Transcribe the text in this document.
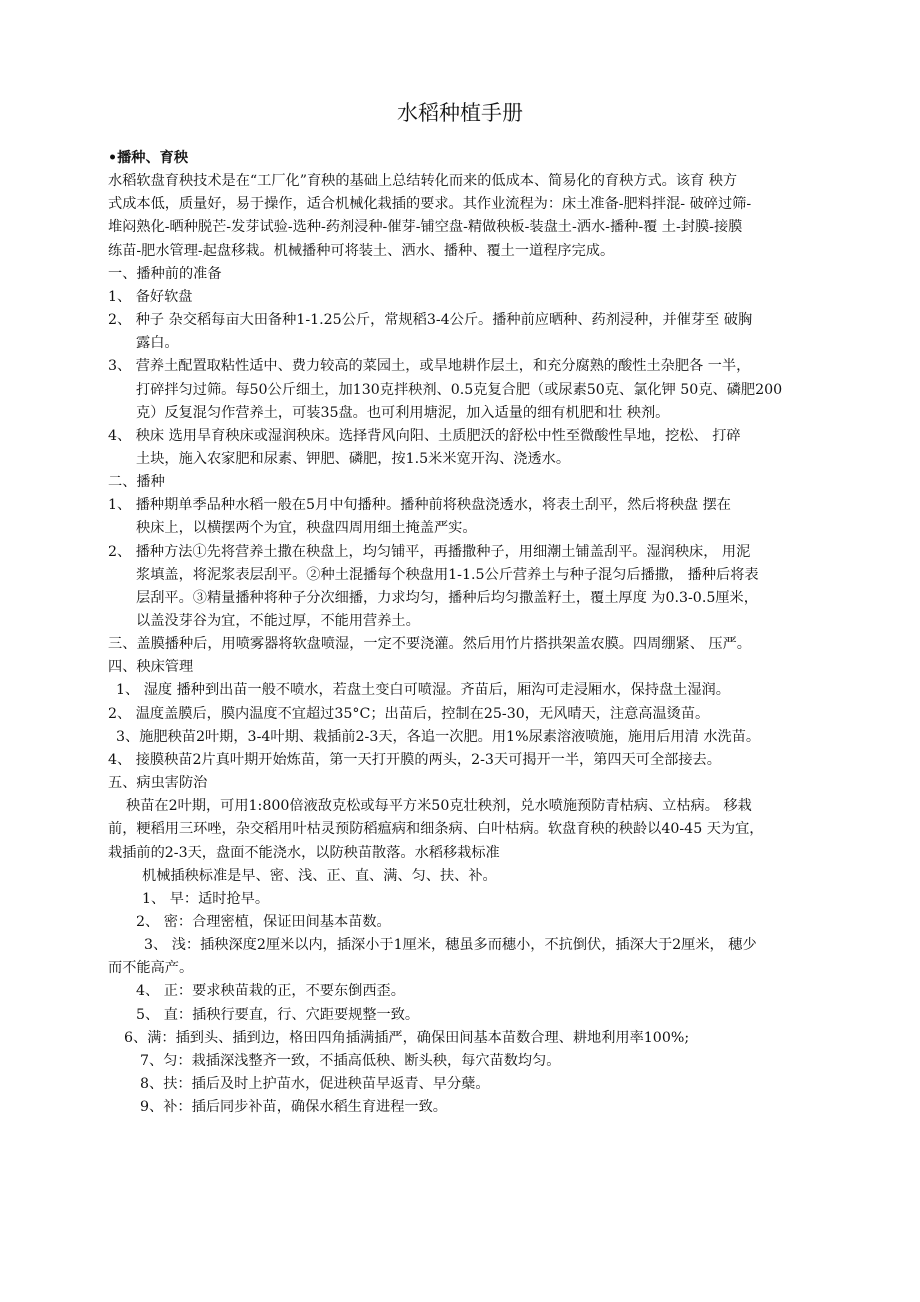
水稻种植手册
•播种、育秧
水稻软盘育秧技术是在“工厂化”育秧的基础上总结转化而来的低成本、简易化的育秧方式。该育 秧方
式成本低，质量好，易于操作，适合机械化栽插的要求。其作业流程为：床土准备-肥料拌混- 破碎过筛-
堆闷熟化-晒种脱芒-发芽试验-选种-药剂浸种-催芽-铺空盘-精做秧板-装盘土-洒水-播种-覆 土-封膜-接膜
练苗-肥水管理-起盘移栽。机械播种可将装土、洒水、播种、覆土一道程序完成。
一、播种前的准备
1、 备好软盘
2、 种子 杂交稻每亩大田备种1-1.25公斤，常规稻3-4公斤。播种前应晒种、药剂浸种，并催芽至 破胸
露白。
3、 营养土配置取粘性适中、费力较高的菜园土，或旱地耕作层土，和充分腐熟的酸性土杂肥各 一半，
打碎拌匀过筛。每50公斤细土，加130克拌秧剂、0.5克复合肥（或尿素50克、氯化钾 50克、磷肥200
克）反复混匀作营养土，可装35盘。也可利用塘泥，加入适量的细有机肥和壮 秧剂。
4、 秧床 选用旱育秧床或湿润秧床。选择背风向阳、土质肥沃的舒松中性至微酸性旱地，挖松、 打碎
土块，施入农家肥和尿素、钾肥、磷肥，按1.5米米宽开沟、浇透水。
二、播种
1、 播种期单季品种水稻一般在5月中旬播种。播种前将秧盘浇透水，将表土刮平，然后将秧盘 摆在
秧床上，以横摆两个为宜，秧盘四周用细土掩盖严实。
2、 播种方法①先将营养土撒在秧盘上，均匀铺平，再播撒种子，用细潮土铺盖刮平。湿润秧床， 用泥
浆填盖，将泥浆表层刮平。②种土混播每个秧盘用1-1.5公斤营养土与种子混匀后播撒， 播种后将表
层刮平。③精量播种将种子分次细播，力求均匀，播种后均匀撒盖籽土，覆土厚度 为0.3-0.5厘米，
以盖没芽谷为宜，不能过厚，不能用营养土。
三、盖膜播种后，用喷雾器将软盘喷湿，一定不要浇灌。然后用竹片搭拱架盖农膜。四周绷紧、 压严。
四、秧床管理
1、 湿度 播种到出苗一般不喷水，若盘土变白可喷湿。齐苗后，厢沟可走浸厢水，保持盘土湿润。
2、 温度盖膜后，膜内温度不宜超过35°C；出苗后，控制在25-30，无风晴天，注意高温烫苗。
3、施肥秧苗2叶期，3-4叶期、栽插前2-3天，各追一次肥。用1%尿素溶液喷施，施用后用清 水洗苗。
4、 接膜秧苗2片真叶期开始炼苗，第一天打开膜的两头，2-3天可揭开一半，第四天可全部接去。
五、病虫害防治
秧苗在2叶期，可用1:800倍液敌克松或每平方米50克壮秧剂，兑水喷施预防青枯病、立枯病。 移栽
前，粳稻用三环唑，杂交稻用叶枯灵预防稻瘟病和细条病、白叶枯病。软盘育秧的秧龄以40-45 天为宜，
栽插前的2-3天，盘面不能浇水，以防秧苗散落。水稻移栽标准
机械插秧标准是早、密、浅、正、直、满、匀、扶、补。
1、 早：适时抢早。
2、 密：合理密植，保证田间基本苗数。
3、 浅：插秧深度2厘米以内，插深小于1厘米，穗虽多而穗小，不抗倒伏，插深大于2厘米， 穗少
而不能高产。
4、 正：要求秧苗栽的正，不要东倒西歪。
5、 直：插秧行要直，行、穴距要规整一致。
6、满：插到头、插到边，格田四角插满插严，确保田间基本苗数合理、耕地利用率100%;
7、匀：栽插深浅整齐一致，不插高低秧、断头秧，每穴苗数均匀。
8、扶：插后及时上护苗水，促进秧苗早返青、早分蘖。
9、补：插后同步补苗，确保水稻生育进程一致。
